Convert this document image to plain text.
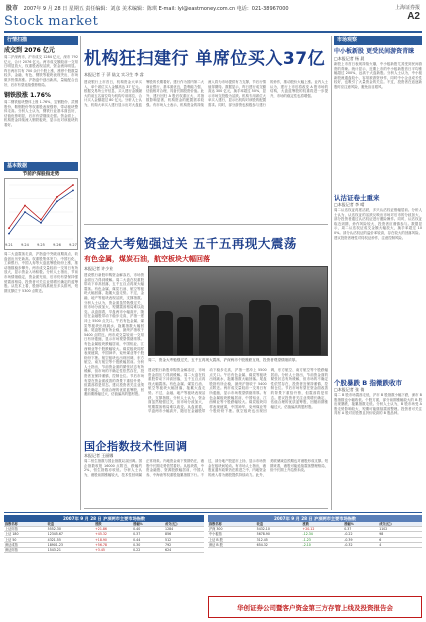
股市 2007年 9 月 28 日 星期五 责任编辑：刘彦 美术编辑：陈琪 E-mail: lyl@eastmoney.com.cn 电话：021-38967000
Stock market
上海证券报
A2
行情扫描
成交到 2076 亿元
周二沪深两市，沪市成交 1284 亿元，深市 792 亿元，合计 2076 亿元。两市成交额较前一交易日明显放大，权重股表现活跃，资金流向明显。昨日两市共有 700 余只个股上涨，涨停个股数量较多，金融、有色、钢铁等板块表现突出，市场做多热情高涨。沪指盘中创出新高，量能配合良好，后市有望延续强势格局。
钢铁股涨 1.76%
周二钢铁板块整体上涨 1.76%，宝钢股份、武钢股份、鞍钢股份等权重股表现强势，带动板块整体走高。分析人士认为，钢铁行业基本面良好，估值优势明显，后市有望继续走强。资金面上，机构资金持续流入钢铁板块，显示出对该板块的看好。
基本数据
节前沪深股指走势
9.21 9.24 9.25 9.26 9.27
周二大盘震荡走高，沪指盘中突破前期高点，收盘创出历史新高。权重股集体发力，中国石化、工商银行、中国人寿等大盘蓝筹股纷纷上涨，推动指数稳步攀升。两市成交量较前一交易日有所放大，显示资金入场积极。分析人士指出，节前市场情绪稳定，资金面充裕，后市仍有望保持强势震荡格局，投资者可关注业绩增长确定的蓝筹股。从技术上看，股指均线系统呈多头排列，短期支撑位于 5300 点附近。
机构狂扫建行 单席位买入37亿
本报记者 于 萍 陆文 实习生 李 睿
建设银行上市首日，机构资金大举买入，单个席位买入金额高达 37 亿元。根据交易所公开信息，买入建行金额最大的前五名席位均为机构专用席位，合计买入金额超过 80 亿元。分析人士认为，机构大举买入建行显示出对大盘蓝筹股的长期看好。建行作为国内第二大商业银行，基本面优良，盈利能力强，估值相对合理，具备长期投资价值。此外，建行回归 A 股后权重巨大，对指数影响显著，机构资金的配置需求较强。有市场人士表示，机构资金的持续流入将为市场提供有力支撑，节后行情值得期待。数据显示，昨日建行成交额高达 300 亿元，换手率超过 50%，显示市场交投极为活跃。机构专用席位大举买入建行，显示出机构对该股的配置需求。同时，部分游资也积极参与建行的炒作，推动股价大幅上涨。业内人士认为，建行上市后将改变 A 股市场的结构，大盘蓝筹股的权重将进一步提升，市场的稳定性也将增强。
资金大考勉强过关 五千五再现大震荡
有色金属，煤炭石油，航空板块大幅回落
本报记者 许少业
建设银行新股申购资金解冻后，市场资金面压力得到缓解。周二大盘在权重股带动下冲高回落，五千五百点再现大幅震荡。有色金属、煤炭石油、航空等板块大幅回落，拖累大盘走势。不过，金融、地产等板块表现活跃，支撑指数。分析人士认为，资金面虽然勉强过关，但市场分歧加大，短期震荡格局难以改变。从盘面看，早盘两市小幅高开，随后在金融股带动下稳步走高，沪指一度冲上 5500 点关口。午后有色金属、煤炭等板块出现跳水，拖累指数大幅回落。尾盘股指有所企稳，最终沪指收于 5400 点附近。两市成交量较前一交易日有所萎缩，显示市场观望情绪浓厚。有色金属板块跌幅居前，中国铝业、江西铜业等个股跌幅较大。煤炭板块同样表现疲弱，中国神华、兖州煤业等个股纷纷下挫。航空板块也出现回调，东方航空、南方航空等个股跌幅居前。分析人士指出，节前资金面的紧张状态有所缓解，但市场的不确定性依然存在，投资者宜保持谨慎，控制仓位。节后市场有望在资金面改善的背景下重拾升势，但震荡将是常态。建议投资者关注业绩增长确定、估值合理的优质蓝筹股，回避前期涨幅过大、估值偏高的题材股。
周二，资金大考勉强过关，五千五再现大震荡，沪深两市个股涨跌互现，投资者观望情绪浓厚。
建设银行新股申购资金解冻后，市场资金面压力得到缓解。周二大盘在权重股带动下冲高回落，五千五百点再现大幅震荡。有色金属、煤炭石油、航空等板块大幅回落，拖累大盘走势。不过，金融、地产等板块表现活跃，支撑指数。分析人士认为，资金面虽然勉强过关，但市场分歧加大，短期震荡格局难以改变。从盘面看，早盘两市小幅高开，随后在金融股带动下稳步走高，沪指一度冲上 5500 点关口。午后有色金属、煤炭等板块出现跳水，拖累指数大幅回落。尾盘股指有所企稳，最终沪指收于 5400 点附近。两市成交量较前一交易日有所萎缩，显示市场观望情绪浓厚。有色金属板块跌幅居前，中国铝业、江西铜业等个股跌幅较大。煤炭板块同样表现疲弱，中国神华、兖州煤业等个股纷纷下挫。航空板块也出现回调，东方航空、南方航空等个股跌幅居前。分析人士指出，节前资金面的紧张状态有所缓解，但市场的不确定性依然存在，投资者宜保持谨慎，控制仓位。节后市场有望在资金面改善的背景下重拾升势，但震荡将是常态。建议投资者关注业绩增长确定、估值合理的优质蓝筹股，回避前期涨幅过大、估值偏高的题材股。
市场观察
中小板新股 更受民间游资青睐
□本报记者 杨 晨
新股上市首日表现持续火爆，中小板新股尤其受到民间游资的青睐。统计显示，近期上市的中小板新股首日平均涨幅超过 200%，远高于大盘新股。分析人士认为，中小板新股流通盘较小，容易被游资炒作，同时中小企业成长性较好，也吸引了大量资金的关注。不过，投资者在追逐新股时应注意风险，避免盲目跟风。
认沽证卷土重来
□本报记者 李 晴
周二认沽权证再度活跃，多只认沽权证涨幅居前。分析人士认为，认沽权证的活跃反映出市场对后市的分歧加大，部分投资者通过认沽权证进行避险操作。同时，认沽权证临近到期，炒作风险较大，投资者应谨慎参与。数据显示，周二认沽权证成交金额大幅放大，换手率超过 100%。部分认沽权证的溢价率较高，存在较大的回落风险。建议投资者理性对待权证炒作，注意控制风险。
个股暴跌 B 指微跌收市
□本报记者 张 倩
周二 B 股市场震荡走低，沪市 B 股指数小幅下跌，深市 B 股指数也小幅收低。个股方面，部分前期涨幅较大的 B 股出现暴跌，拖累指数走低。分析人士认为，B 股市场受 A 股走势影响较大，短期可能继续震荡整理。投资者可关注具有 A 股对应股票且折价较高的 B 股品种。
2007年 9 月 28 日 沪深两市主要市场指数
指数名称	收盘	涨跌	涨幅%	成交(亿)
上证综指	5552.30	+21.86	0.40	1284
上证 180	12345.67	+45.32	0.37	856
上证 50	4321.55	+18.90	0.44	512
深证成指	18901.23	+56.78	0.30	792
深证综指	1543.21	+3.45	0.22	624
2007年 9 月 28 日 沪深两市主要市场指数
指数名称	收盘	涨跌	涨幅%	成交(亿)
沪深 300	5432.10	+20.12	0.37	1102
中小板指	5678.90	-12.34	-0.22	98
上证 B 股	312.45	-1.23	-0.39	6
深证 B 股	654.32	-2.10	-0.32	4
国企指数技术性回调
本报记者 王丽娜
周二恒生指数与国企指数双双回调。国企指数收报 16000 点附近，跌幅约 2%，恒生指数亦收低。分析人士认为，港股前期涨幅较大，技术性回调属正常现象。内地资金南下预期仍在，港股中长期走势依然看好。从板块看，中资金融股、资源股跌幅居前，中国人寿、中海油等权重股拖累指数下行。不过，部分地产股逆市上扬，显示市场资金在板块间轮动。有市场人士指出，港股直通车政策仍在推进之中，内地资金的流入将为港股提供持续动力。此外，美联储减息预期也对港股形成支撑。短期来看，港股可能延续震荡整理格局，但中长期上升趋势未改。
华创证券公司暨客户资金第三方存管上线及投资报告会
